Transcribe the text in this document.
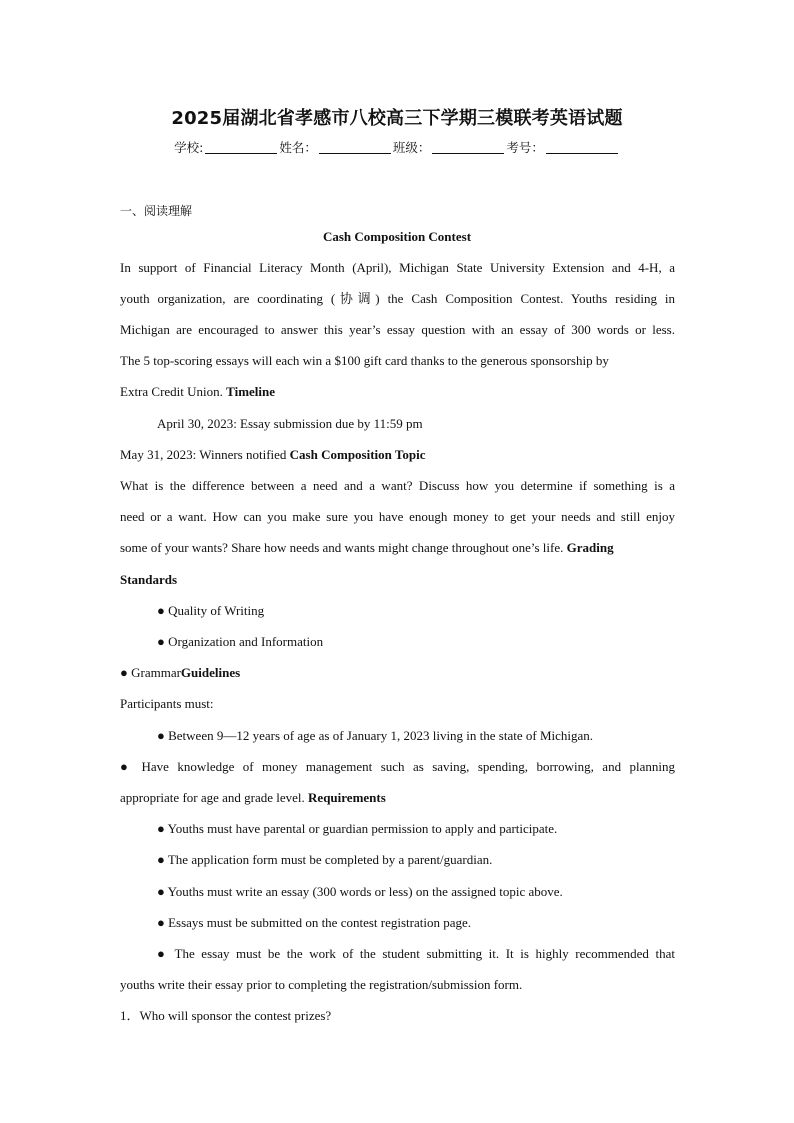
2025届湖北省孝感市八校高三下学期三模联考英语试题
学校:	姓名：	班级：	考号：
一、阅读理解
Cash Composition Contest
In support of Financial Literacy Month (April), Michigan State University Extension and 4-H, a
youth organization, are coordinating (协调) the Cash Composition Contest. Youths residing in
Michigan are encouraged to answer this year’s essay question with an essay of 300 words or less.
The 5 top-scoring essays will each win a $100 gift card thanks to the generous sponsorship by
Extra Credit Union. Timeline
April 30, 2023: Essay submission due by 11:59 pm
May 31, 2023: Winners notified Cash Composition Topic
What is the difference between a need and a want? Discuss how you determine if something is a
need or a want. How can you make sure you have enough money to get your needs and still enjoy
some of your wants? Share how needs and wants might change throughout one’s life. Grading
Standards
● Quality of Writing
● Organization and Information
● GrammarGuidelines
Participants must:
● Between 9—12 years of age as of January 1, 2023 living in the state of Michigan.
● Have knowledge of money management such as saving, spending, borrowing, and planning
appropriate for age and grade level. Requirements
● Youths must have parental or guardian permission to apply and participate.
● The application form must be completed by a parent/guardian.
● Youths must write an essay (300 words or less) on the assigned topic above.
● Essays must be submitted on the contest registration page.
● The essay must be the work of the student submitting it. It is highly recommended that
youths write their essay prior to completing the registration/submission form.
1．Who will sponsor the contest prizes?
